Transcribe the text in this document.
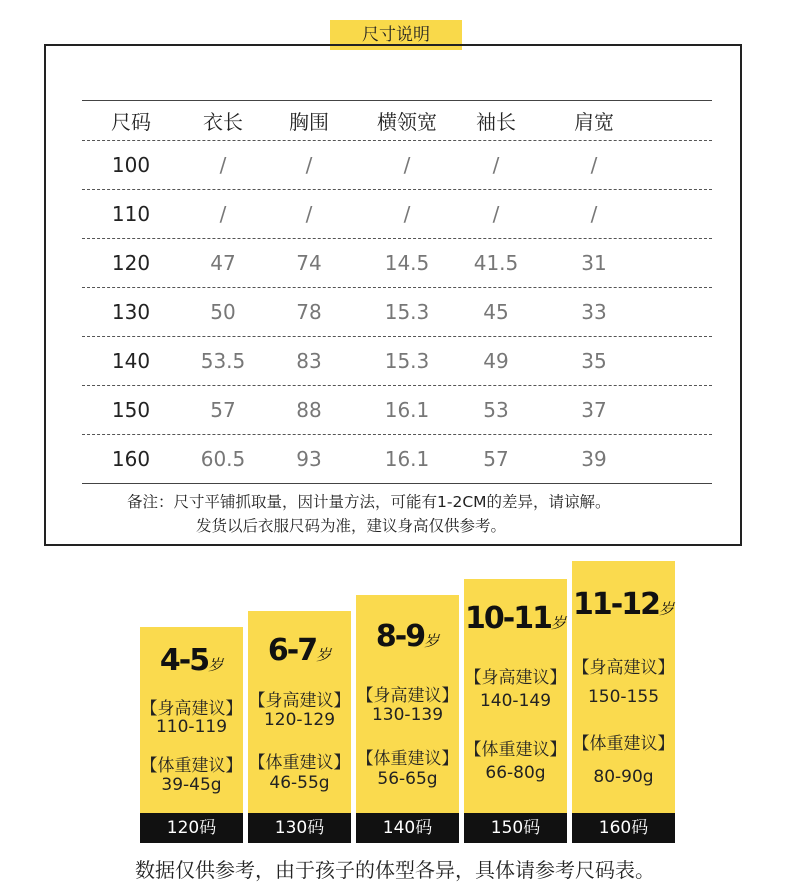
尺寸说明
尺码	衣长	胸围	横领宽	袖长	肩宽
100	/	/	/	/	/
110	/	/	/	/	/
120	47	74	14.5	41.5	31
130	50	78	15.3	45	33
140	53.5	83	15.3	49	35
150	57	88	16.1	53	37
160	60.5	93	16.1	57	39
备注：尺寸平铺抓取量，因计量方法，可能有1-2CM的差异，请谅解。
发货以后衣服尺码为准，建议身高仅供参考。
4-5岁
【身高建议】
110-119
【体重建议】
39-45g
120码
6-7岁
【身高建议】
120-129
【体重建议】
46-55g
130码
8-9岁
【身高建议】
130-139
【体重建议】
56-65g
140码
10-11岁
【身高建议】
140-149
【体重建议】
66-80g
150码
11-12岁
【身高建议】
150-155
【体重建议】
80-90g
160码
数据仅供参考，由于孩子的体型各异，具体请参考尺码表。
